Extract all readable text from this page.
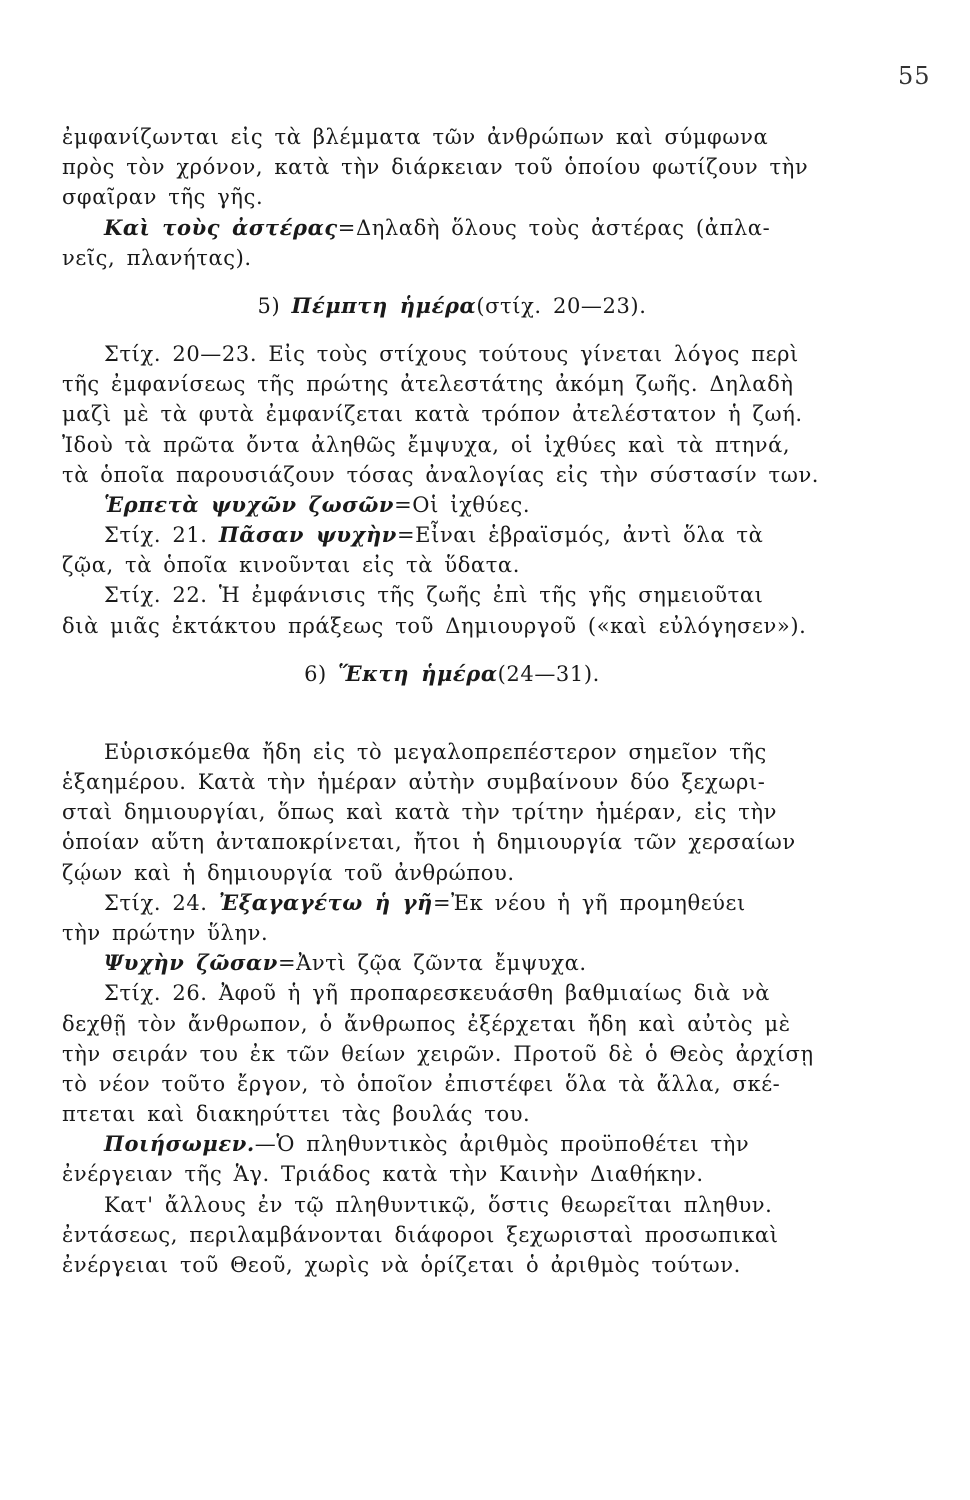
55
ἐμφανίζωνται εἰς τὰ βλέμματα τῶν ἀνθρώπων καὶ σύμφωνα
πρὸς τὸν χρόνον, κατὰ τὴν διάρκειαν τοῦ ὁποίου φωτίζουν τὴν
σφαῖραν τῆς γῆς.
Καὶ τοὺς ἀστέρας=Δηλαδὴ ὅλους τοὺς ἀστέρας (ἀπλα-
νεῖς, πλανήτας).
5) Πέμπτη ἡμέρα(στίχ. 20—23).
Στίχ. 20—23. Εἰς τοὺς στίχους τούτους γίνεται λόγος περὶ
τῆς ἐμφανίσεως τῆς πρώτης ἀτελεστάτης ἀκόμη ζωῆς. Δηλαδὴ
μαζὶ μὲ τὰ φυτὰ ἐμφανίζεται κατὰ τρόπον ἀτελέστατον ἡ ζωή.
Ἰδοὺ τὰ πρῶτα ὄντα ἀληθῶς ἔμψυχα, οἱ ἰχθύες καὶ τὰ πτηνά,
τὰ ὁποῖα παρουσιάζουν τόσας ἀναλογίας εἰς τὴν σύστασίν των.
Ἑρπετὰ ψυχῶν ζωσῶν=Οἱ ἰχθύες.
Στίχ. 21. Πᾶσαν ψυχὴν=Εἶναι ἑβραϊσμός, ἀντὶ ὅλα τὰ
ζῷα, τὰ ὁποῖα κινοῦνται εἰς τὰ ὕδατα.
Στίχ. 22. Ἡ ἐμφάνισις τῆς ζωῆς ἐπὶ τῆς γῆς σημειοῦται
διὰ μιᾶς ἐκτάκτου πράξεως τοῦ Δημιουργοῦ («καὶ εὐλόγησεν»).
6) Ἕκτη ἡμέρα(24—31).
Εὑρισκόμεθα ἤδη εἰς τὸ μεγαλοπρεπέστερον σημεῖον τῆς
ἑξαημέρου. Κατὰ τὴν ἡμέραν αὐτὴν συμβαίνουν δύο ξεχωρι-
σταὶ δημιουργίαι, ὅπως καὶ κατὰ τὴν τρίτην ἡμέραν, εἰς τὴν
ὁποίαν αὕτη ἀνταποκρίνεται, ἤτοι ἡ δημιουργία τῶν χερσαίων
ζῴων καὶ ἡ δημιουργία τοῦ ἀνθρώπου.
Στίχ. 24. Ἐξαγαγέτω ἡ γῆ=Ἐκ νέου ἡ γῆ προμηθεύει
τὴν πρώτην ὕλην.
Ψυχὴν ζῶσαν=Ἀντὶ ζῷα ζῶντα ἔμψυχα.
Στίχ. 26. Ἀφοῦ ἡ γῆ προπαρεσκευάσθη βαθμιαίως διὰ νὰ
δεχθῇ τὸν ἄνθρωπον, ὁ ἄνθρωπος ἐξέρχεται ἤδη καὶ αὐτὸς μὲ
τὴν σειράν του ἐκ τῶν θείων χειρῶν. Προτοῦ δὲ ὁ Θεὸς ἀρχίσῃ
τὸ νέον τοῦτο ἔργον, τὸ ὁποῖον ἐπιστέφει ὅλα τὰ ἄλλα, σκέ-
πτεται καὶ διακηρύττει τὰς βουλάς του.
Ποιήσωμεν.—Ὁ πληθυντικὸς ἀριθμὸς προϋποθέτει τὴν
ἐνέργειαν τῆς Ἁγ. Τριάδος κατὰ τὴν Καινὴν Διαθήκην.
Κατ' ἄλλους ἐν τῷ πληθυντικῷ, ὅστις θεωρεῖται πληθυν.
ἐντάσεως, περιλαμβάνονται διάφοροι ξεχωρισταὶ προσωπικαὶ
ἐνέργειαι τοῦ Θεοῦ, χωρὶς νὰ ὁρίζεται ὁ ἀριθμὸς τούτων.
